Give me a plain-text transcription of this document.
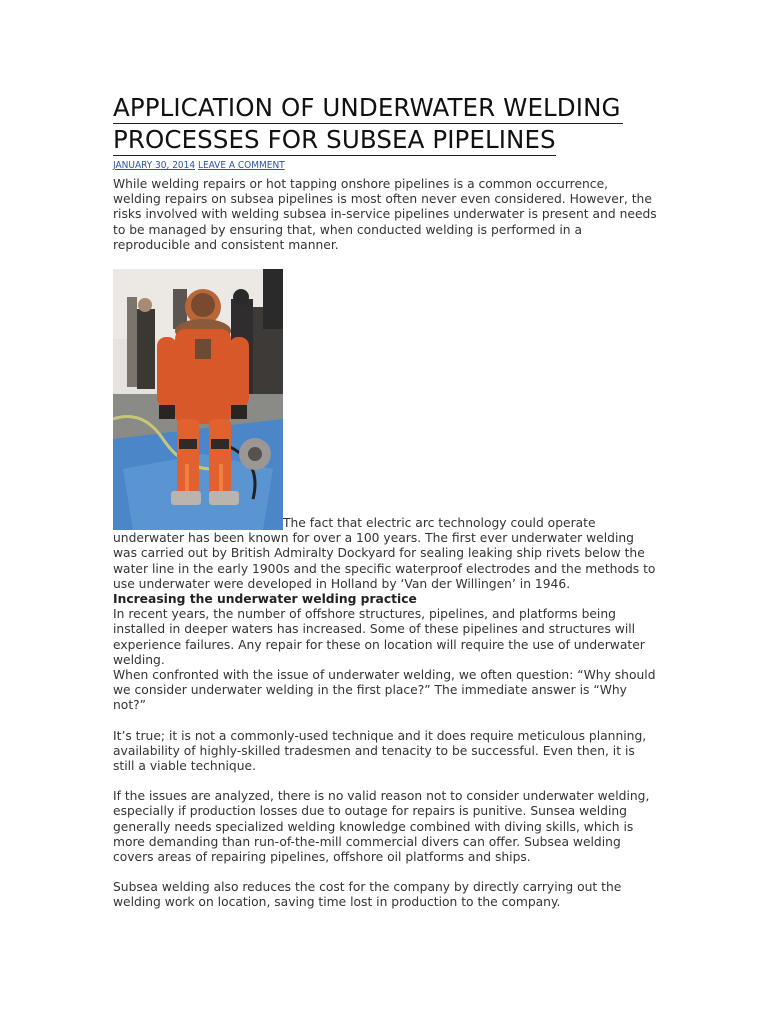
APPLICATION OF UNDERWATER WELDING
PROCESSES FOR SUBSEA PIPELINES
JANUARY 30, 2014 LEAVE A COMMENT

While welding repairs or hot tapping onshore pipelines is a common occurrence, welding repairs on subsea pipelines is most often never even considered. However, the risks involved with welding subsea in-service pipelines underwater is present and needs to be managed by ensuring that, when conducted welding is performed in a reproducible and consistent manner.

The fact that electric arc technology could operate
underwater has been known for over a 100 years. The first ever underwater welding was carried out by British Admiralty Dockyard for sealing leaking ship rivets below the water line in the early 1900s and the specific waterproof electrodes and the methods to use underwater were developed in Holland by ‘Van der Willingen’ in 1946.

Increasing the underwater welding practice

In recent years, the number of offshore structures, pipelines, and platforms being installed in deeper waters has increased. Some of these pipelines and structures will experience failures. Any repair for these on location will require the use of underwater welding.

When confronted with the issue of underwater welding, we often question: “Why should we consider underwater welding in the first place?” The immediate answer is “Why not?”

It’s true; it is not a commonly-used technique and it does require meticulous planning, availability of highly-skilled tradesmen and tenacity to be successful. Even then, it is still a viable technique.

If the issues are analyzed, there is no valid reason not to consider underwater welding, especially if production losses due to outage for repairs is punitive. Sunsea welding generally needs specialized welding knowledge combined with diving skills, which is more demanding than run-of-the-mill commercial divers can offer. Subsea welding covers areas of repairing pipelines, offshore oil platforms and ships.

Subsea welding also reduces the cost for the company by directly carrying out the welding work on location, saving time lost in production to the company.
